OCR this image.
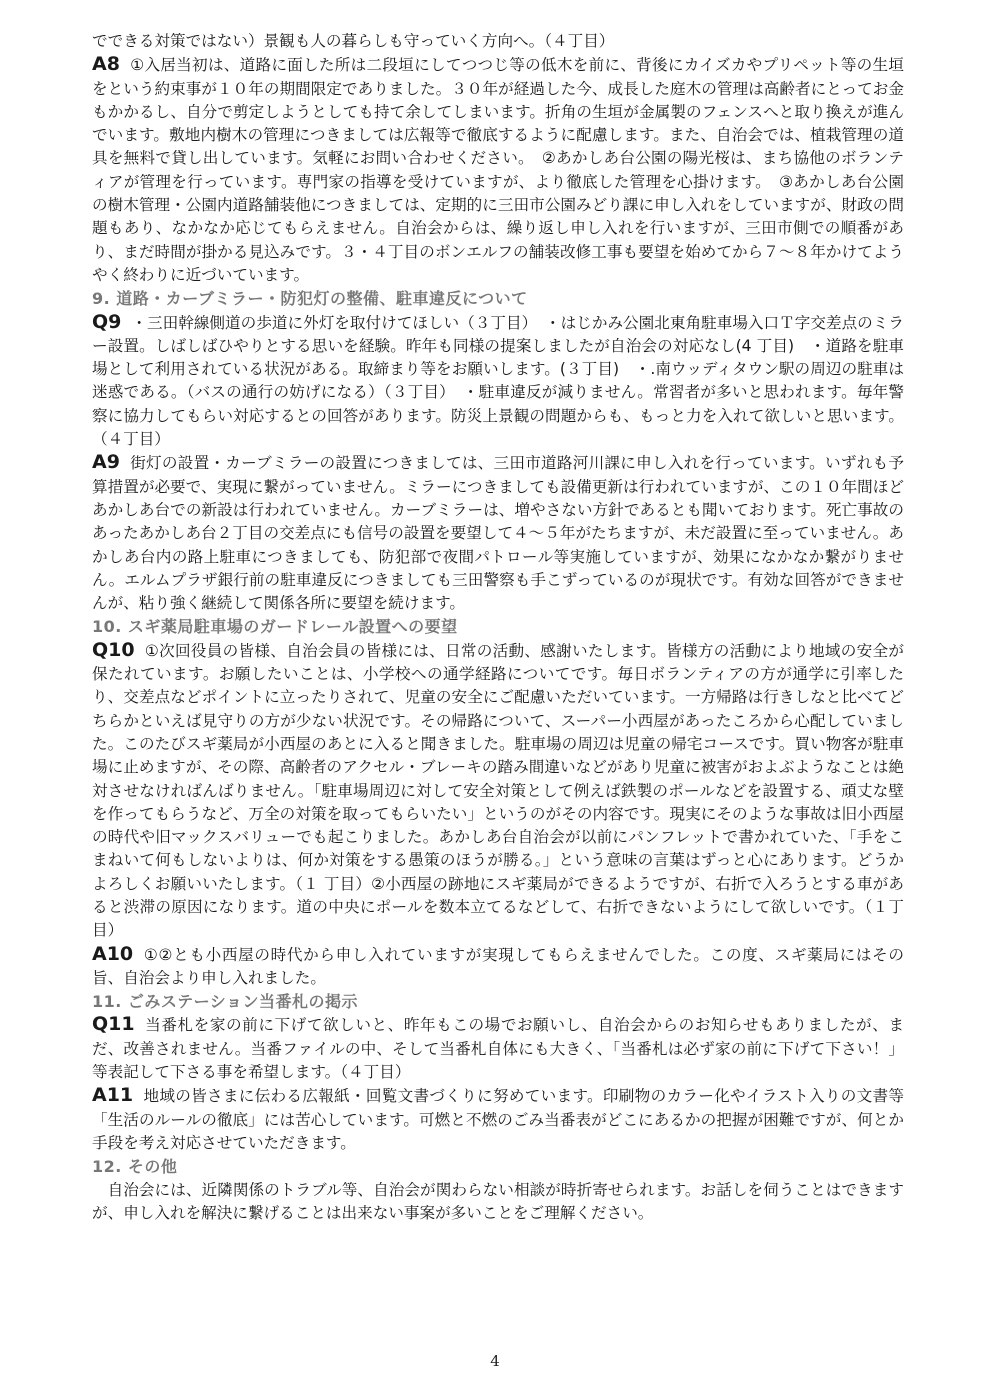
でできる対策ではない）景観も人の暮らしも守っていく方向へ。（４丁目）

A8 ①入居当初は、道路に面した所は二段垣にしてつつじ等の低木を前に、背後にカイズカやプリペット等の生垣をという約束事が１０年の期間限定でありました。３０年が経過した今、成長した庭木の管理は高齢者にとってお金もかかるし、自分で剪定しようとしても持て余してしまいます。折角の生垣が金属製のフェンスへと取り換えが進んでいます。敷地内樹木の管理につきましては広報等で徹底するように配慮します。また、自治会では、植栽管理の道具を無料で貸し出しています。気軽にお問い合わせください。　②あかしあ台公園の陽光桜は、まち協他のボランティアが管理を行っています。専門家の指導を受けていますが、より徹底した管理を心掛けます。　③あかしあ台公園の樹木管理・公園内道路舗装他につきましては、定期的に三田市公園みどり課に申し入れをしていますが、財政の問題もあり、なかなか応じてもらえません。自治会からは、繰り返し申し入れを行いますが、三田市側での順番があり、まだ時間が掛かる見込みです。３・４丁目のボンエルフの舗装改修工事も要望を始めてから７～８年かけてようやく終わりに近づいています。

9. 道路・カーブミラー・防犯灯の整備、駐車違反について

Q9 ・三田幹線側道の歩道に外灯を取付けてほしい（３丁目）　・はじかみ公園北東角駐車場入口Ｔ字交差点のミラー設置。しばしばひやりとする思いを経験。昨年も同様の提案しましたが自治会の対応なし(4 丁目)　・道路を駐車場として利用されている状況がある。取締まり等をお願いします。(３丁目)　・.南ウッディタウン駅の周辺の駐車は迷惑である。（バスの通行の妨げになる）（３丁目）　・駐車違反が減りません。常習者が多いと思われます。毎年警察に協力してもらい対応するとの回答があります。防災上景観の問題からも、もっと力を入れて欲しいと思います。（４丁目）

A9 街灯の設置・カーブミラーの設置につきましては、三田市道路河川課に申し入れを行っています。いずれも予算措置が必要で、実現に繋がっていません。ミラーにつきましても設備更新は行われていますが、この１０年間ほどあかしあ台での新設は行われていません。カーブミラーは、増やさない方針であるとも聞いております。死亡事故のあったあかしあ台２丁目の交差点にも信号の設置を要望して４～５年がたちますが、未だ設置に至っていません。あかしあ台内の路上駐車につきましても、防犯部で夜間パトロール等実施していますが、効果になかなか繋がりません。エルムプラザ銀行前の駐車違反につきましても三田警察も手こずっているのが現状です。有効な回答ができませんが、粘り強く継続して関係各所に要望を続けます。

10. スギ薬局駐車場のガードレール設置への要望

Q10 ①次回役員の皆様、自治会員の皆様には、日常の活動、感謝いたします。皆様方の活動により地域の安全が保たれています。お願したいことは、小学校への通学経路についてです。毎日ボランティアの方が通学に引率したり、交差点などポイントに立ったりされて、児童の安全にご配慮いただいています。一方帰路は行きしなと比べてどちらかといえば見守りの方が少ない状況です。その帰路について、スーパー小西屋があったころから心配していました。このたびスギ薬局が小西屋のあとに入ると聞きました。駐車場の周辺は児童の帰宅コースです。買い物客が駐車場に止めますが、その際、高齢者のアクセル・ブレーキの踏み間違いなどがあり児童に被害がおよぶようなことは絶対させなければんばりません。「駐車場周辺に対して安全対策として例えば鉄製のポールなどを設置する、頑丈な壁を作ってもらうなど、万全の対策を取ってもらいたい」というのがその内容です。現実にそのような事故は旧小西屋の時代や旧マックスバリューでも起こりました。あかしあ台自治会が以前にパンフレットで書かれていた、「手をこまねいて何もしないよりは、何か対策をする愚策のほうが勝る。」という意味の言葉はずっと心にあります。どうかよろしくお願いいたします。（１ 丁目）②小西屋の跡地にスギ薬局ができるようですが、右折で入ろうとする車があると渋滞の原因になります。道の中央にポールを数本立てるなどして、右折できないようにして欲しいです。（１丁目）

A10 ①②とも小西屋の時代から申し入れていますが実現してもらえませんでした。この度、スギ薬局にはその旨、自治会より申し入れました。

11. ごみステーション当番札の掲示

Q11 当番札を家の前に下げて欲しいと、昨年もこの場でお願いし、自治会からのお知らせもありましたが、まだ、改善されません。当番ファイルの中、そして当番札自体にも大きく、「当番札は必ず家の前に下げて下さい！」等表記して下さる事を希望します。（４丁目）

A11 地域の皆さまに伝わる広報紙・回覧文書づくりに努めています。印刷物のカラー化やイラスト入りの文書等「生活のルールの徹底」には苦心しています。可燃と不燃のごみ当番表がどこにあるかの把握が困難ですが、何とか手段を考え対応させていただきます。

12. その他

自治会には、近隣関係のトラブル等、自治会が関わらない相談が時折寄せられます。お話しを伺うことはできますが、申し入れを解決に繋げることは出来ない事案が多いことをご理解ください。

4
